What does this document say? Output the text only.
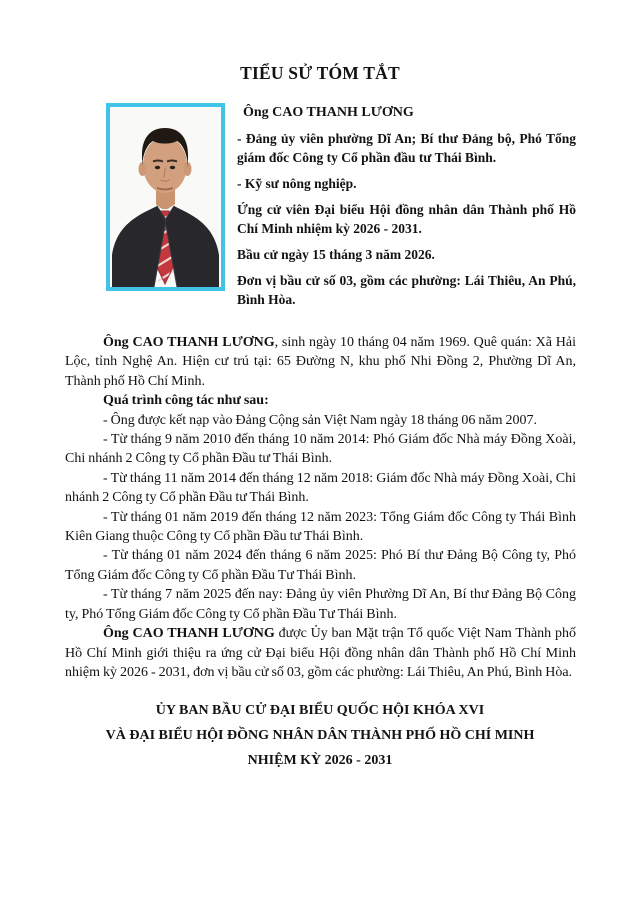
TIỂU SỬ TÓM TẮT

Ông CAO THANH LƯƠNG

- Đảng ủy viên phường Dĩ An; Bí thư Đảng bộ, Phó Tổng giám đốc Công ty Cổ phần đầu tư Thái Bình.

- Kỹ sư nông nghiệp.

Ứng cử viên Đại biểu Hội đồng nhân dân Thành phố Hồ Chí Minh nhiệm kỳ 2026 - 2031.

Bầu cử ngày 15 tháng 3 năm 2026.

Đơn vị bầu cử số 03, gồm các phường: Lái Thiêu, An Phú, Bình Hòa.

Ông CAO THANH LƯƠNG, sinh ngày 10 tháng 04 năm 1969. Quê quán: Xã Hải Lộc, tỉnh Nghệ An. Hiện cư trú tại: 65 Đường N, khu phố Nhi Đồng 2, Phường Dĩ An, Thành phố Hồ Chí Minh.

Quá trình công tác như sau:

- Ông được kết nạp vào Đảng Cộng sản Việt Nam ngày 18 tháng 06 năm 2007.

- Từ tháng 9 năm 2010 đến tháng 10 năm 2014: Phó Giám đốc Nhà máy Đồng Xoài, Chi nhánh 2 Công ty Cổ phần Đầu tư Thái Bình.

- Từ tháng 11 năm 2014 đến tháng 12 năm 2018: Giám đốc Nhà máy Đồng Xoài, Chi nhánh 2 Công ty Cổ phần Đầu tư Thái Bình.

- Từ tháng 01 năm 2019 đến tháng 12 năm 2023: Tổng Giám đốc Công ty Thái Bình Kiên Giang thuộc Công ty Cổ phần Đầu tư Thái Bình.

- Từ tháng 01 năm 2024 đến tháng 6 năm 2025: Phó Bí thư Đảng Bộ Công ty, Phó Tổng Giám đốc Công ty Cổ phần Đầu Tư Thái Bình.

- Từ tháng 7 năm 2025 đến nay: Đảng ủy viên Phường Dĩ An, Bí thư Đảng Bộ Công ty, Phó Tổng Giám đốc Công ty Cổ phần Đầu Tư Thái Bình.

Ông CAO THANH LƯƠNG được Ủy ban Mặt trận Tổ quốc Việt Nam Thành phố Hồ Chí Minh giới thiệu ra ứng cử Đại biểu Hội đồng nhân dân Thành phố Hồ Chí Minh nhiệm kỳ 2026 - 2031, đơn vị bầu cử số 03, gồm các phường: Lái Thiêu, An Phú, Bình Hòa.

ỦY BAN BẦU CỬ ĐẠI BIỂU QUỐC HỘI KHÓA XVI

VÀ ĐẠI BIỂU HỘI ĐỒNG NHÂN DÂN THÀNH PHỐ HỒ CHÍ MINH

NHIỆM KỲ 2026 - 2031
